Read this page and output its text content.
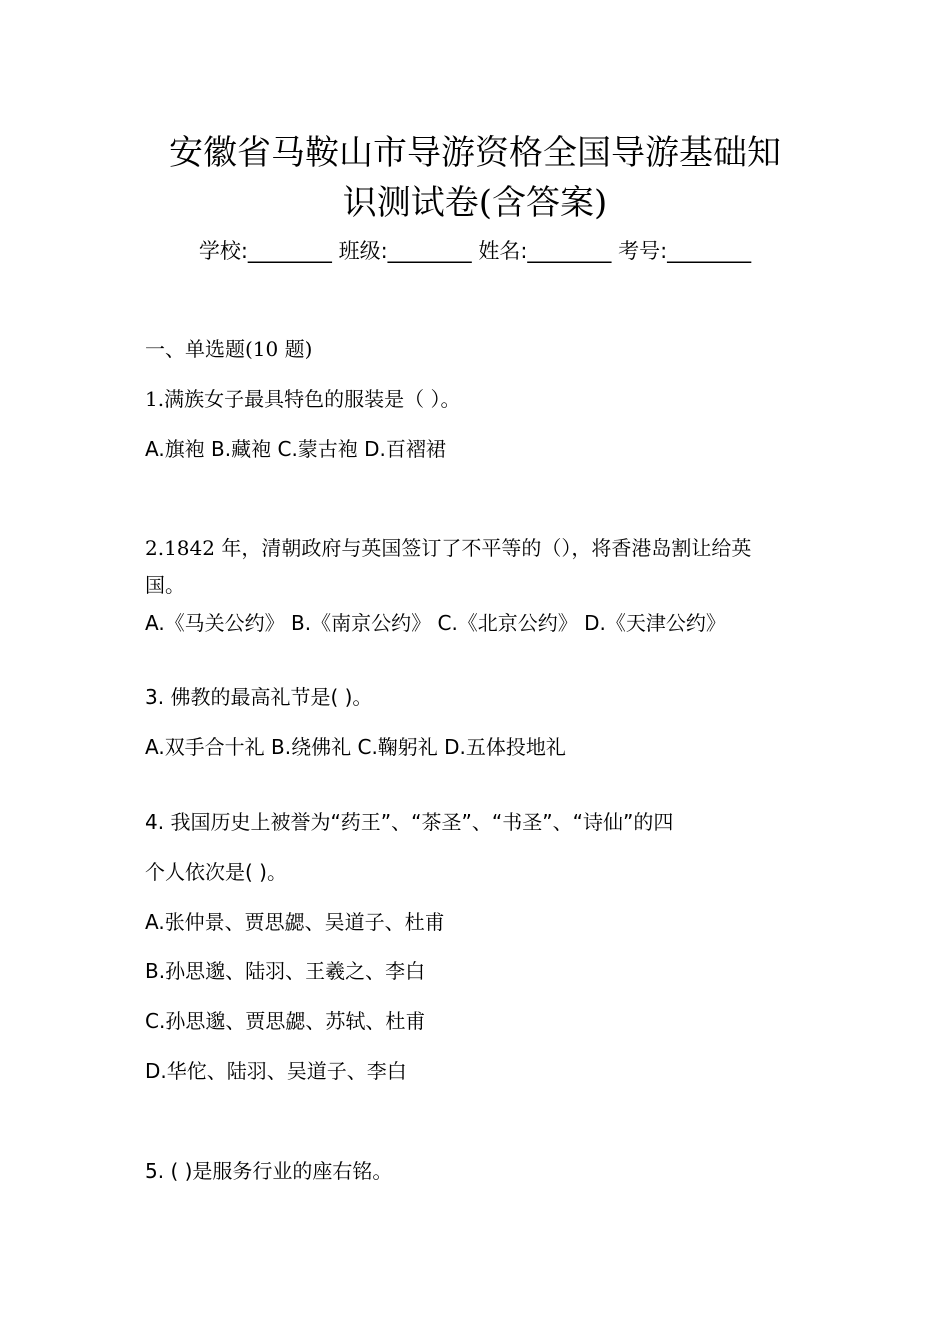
安徽省马鞍山市导游资格全国导游基础知
识测试卷(含答案)
学校:________ 班级:________ 姓名:________ 考号:________
一、单选题(10 题)
1.满族女子最具特色的服装是（ ）。
A.旗袍 B.藏袍 C.蒙古袍 D.百褶裙
2.1842 年，清朝政府与英国签订了不平等的（），将香港岛割让给英
国。
A.《马关公约》 B.《南京公约》 C.《北京公约》 D.《天津公约》
3. 佛教的最高礼节是( )。
A.双手合十礼 B.绕佛礼 C.鞠躬礼 D.五体投地礼
4. 我国历史上被誉为“药王”、“茶圣”、“书圣”、“诗仙”的四
个人依次是( )。
A.张仲景、贾思勰、吴道子、杜甫
B.孙思邈、陆羽、王羲之、李白
C.孙思邈、贾思勰、苏轼、杜甫
D.华佗、陆羽、吴道子、李白
5. ( )是服务行业的座右铭。
